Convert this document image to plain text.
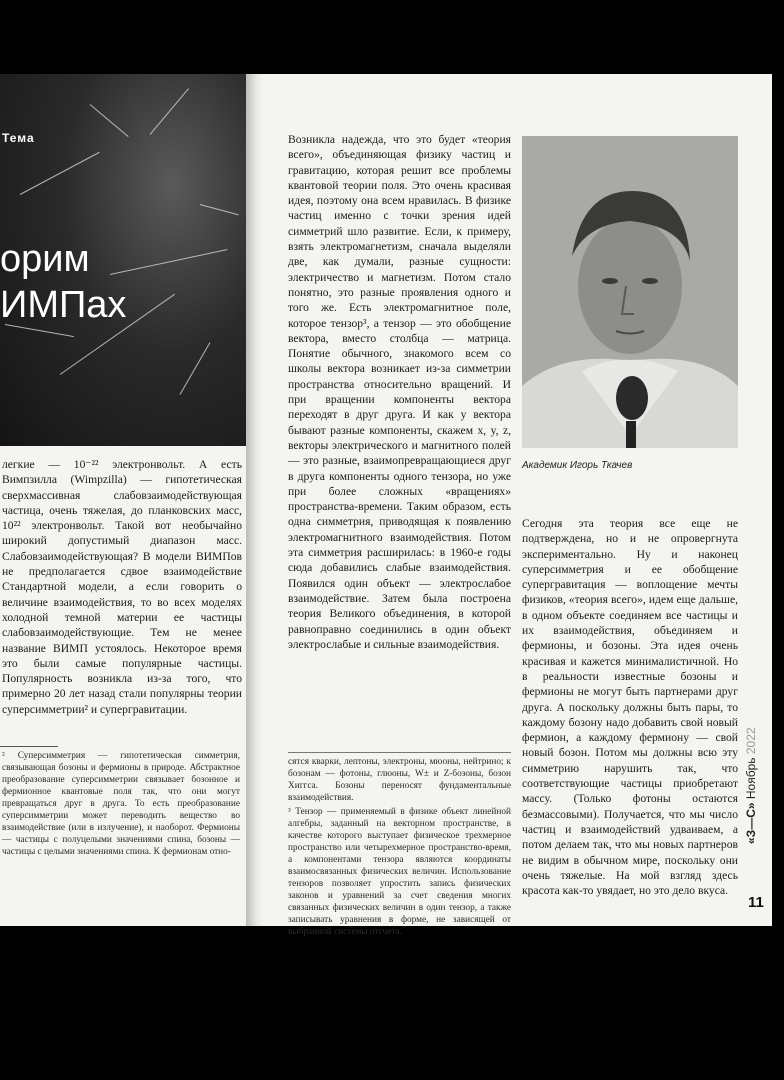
Тема
орим
ИМПах

легкие — 10⁻²² электронвольт. А есть Вимпзилла (Wimpzilla) — гипотетическая сверхмассивная слабовзаимодействующая частица, очень тяжелая, до планковских масс, 10²² электронвольт. Такой вот необычайно широкий допустимый диапазон масс. Слабовзаимодействующая? В модели ВИМПов не предполагается сдвое взаимодействие Стандартной модели, а если говорить о величине взаимодействия, то во всех моделях холодной темной материи ее частицы слабовзаимодействующие. Тем не менее название ВИМП устоялось. Некоторое время это были самые популярные частицы. Популярность возникла из-за того, что примерно 20 лет назад стали популярны теории суперсимметрии² и супергравитации.

² Суперсимметрия — гипотетическая симметрия, связывающая бозоны и фермионы в природе. Абстрактное преобразование суперсимметрии связывает бозонное и фермионное квантовые поля так, что они могут превращаться друг в друга. То есть преобразование суперсимметрии может переводить вещество во взаимодействие (или в излучение), и наоборот. Фермионы — частицы с полуцелыми значениями спина, бозоны — частицы с целыми значениями спина. К фермионам отно-

Возникла надежда, что это будет «теория всего», объединяющая физику частиц и гравитацию, которая решит все проблемы квантовой теории поля. Это очень красивая идея, поэтому она всем нравилась. В физике частиц именно с точки зрения идей симметрий шло развитие. Если, к примеру, взять электромагнетизм, сначала выделяли две, как думали, разные сущности: электричество и магнетизм. Потом стало понятно, это разные проявления одного и того же. Есть электромагнитное поле, которое тензор³, а тензор — это обобщение вектора, вместо столбца — матрица. Понятие обычного, знакомого всем со школы вектора возникает из-за симметрии пространства относительно вращений. И при вращении компоненты вектора переходят в друг друга. И как у вектора бывают разные компоненты, скажем x, y, z, векторы электрического и магнитного полей — это разные, взаимопревращающиеся друг в друга компоненты одного тензора, но уже при более сложных «вращениях» пространства-времени. Таким образом, есть одна симметрия, приводящая к появлению электромагнитного взаимодействия. Потом эта симметрия расширилась: в 1960-е годы сюда добавились слабые взаимодействия. Появился один объект — электрослабое взаимодействие. Затем была построена теория Великого объединения, в которой равноправно соединились в один объект электрослабые и сильные взаимодействия.

сятся кварки, лептоны, электроны, мюоны, нейтрино; к бозонам — фотоны, глюоны, W± и Z-бозоны, бозон Хиггса. Бозоны переносят фундаментальные взаимодействия.

³ Тензор — применяемый в физике объект линейной алгебры, заданный на векторном пространстве, в качестве которого выступает физическое трехмерное пространство или четырехмерное пространство-время, а компонентами тензора являются координаты взаимосвязанных физических величин. Использование тензоров позволяет упростить запись физических законов и уравнений за счет сведения многих связанных физических величин в один тензор, а также записывать уравнения в форме, не зависящей от выбранной системы отсчета.

Академик Игорь Ткачев

Сегодня эта теория все еще не подтверждена, но и не опровергнута экспериментально. Ну и наконец суперсимметрия и ее обобщение супергравитация — воплощение мечты физиков, «теория всего», идем еще дальше, в одном объекте соединяем все частицы и их взаимодействия, объединяем и фермионы, и бозоны. Эта идея очень красивая и кажется минималистичной. Но в реальности известные бозоны и фермионы не могут быть партнерами друг друга. А поскольку должны быть пары, то каждому бозону надо добавить свой новый фермион, а каждому фермиону — свой новый бозон. Потом мы должны всю эту симметрию нарушить так, что соответствующие частицы приобретают массу. (Только фотоны остаются безмассовыми). Получается, что мы число частиц и взаимодействий удваиваем, а потом делаем так, что мы новых партнеров не видим в обычном мире, поскольку они очень тяжелые. На мой взгляд здесь красота как-то увядает, но это дело вкуса.

«З—С» Ноябрь 2022
11
